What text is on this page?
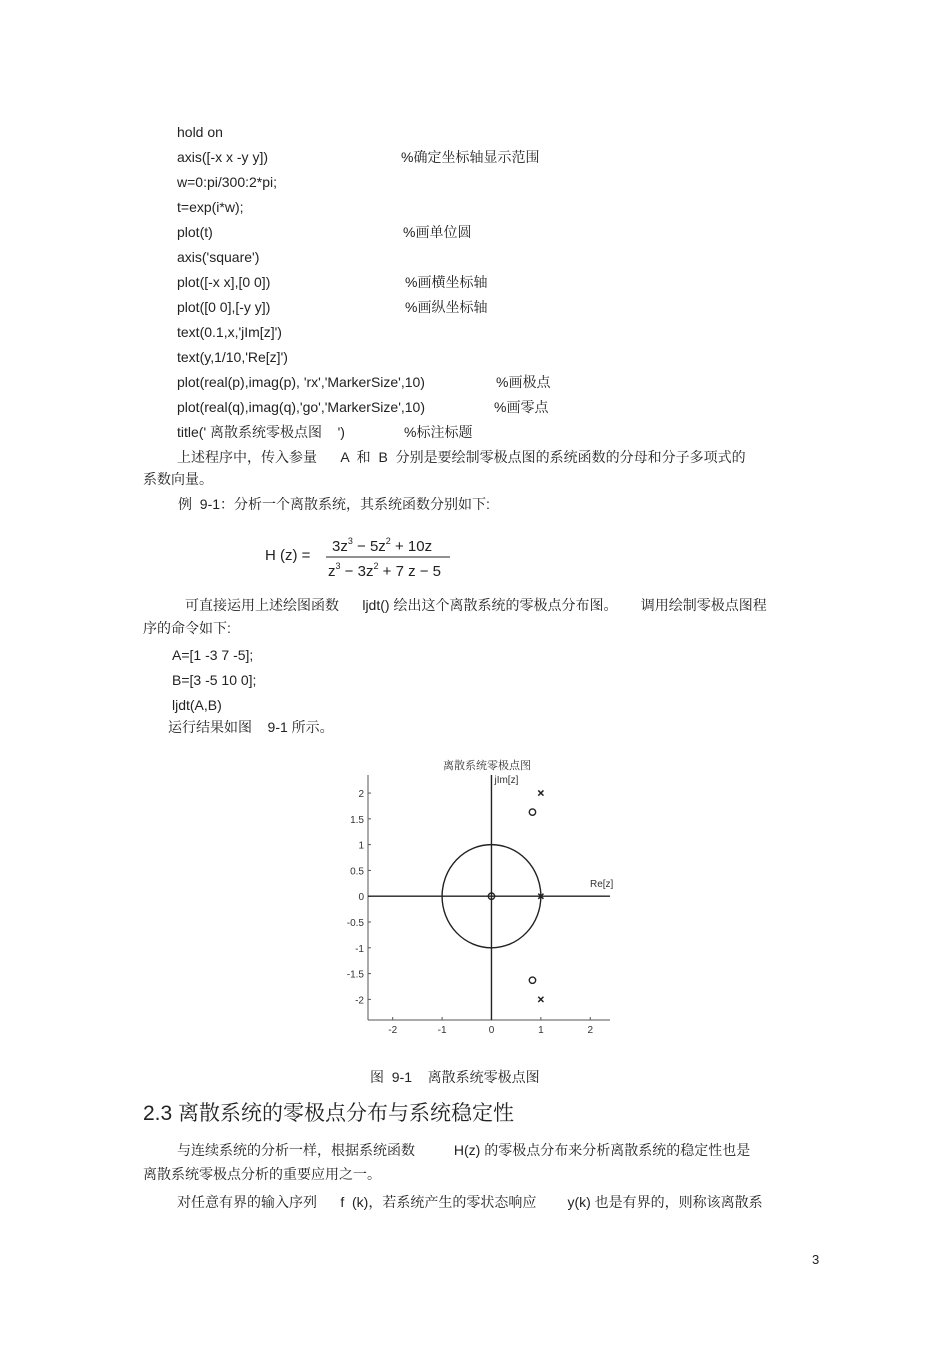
hold on
axis([-x x -y y])	%确定坐标轴显示范围
w=0:pi/300:2*pi;
t=exp(i*w);
plot(t)	%画单位圆
axis('square')
plot([-x x],[0 0])	%画横坐标轴
plot([0 0],[-y y])	%画纵坐标轴
text(0.1,x,'jIm[z]')
text(y,1/10,'Re[z]')
plot(real(p),imag(p), 'rx','MarkerSize',10)	%画极点
plot(real(q),imag(q),'go','MarkerSize',10)	%画零点
title(' 离散系统零极点图    ')	%标注标题
上述程序中，传入参量      A  和  B  分别是要绘制零极点图的系统函数的分母和分子多项式的
系数向量。
例  9-1：分析一个离散系统，其系统函数分别如下:
H (z) =
$3z^3 - 5z^2 + 10z$
$z^3 - 3z^2 + 7$ z − 5
可直接运用上述绘图函数      ljdt() 绘出这个离散系统的零极点分布图。      调用绘制零极点图程
序的命令如下:
A=[1 -3 7 -5];
B=[3 -5 10 0];
ljdt(A,B)
运行结果如图    9-1 所示。
离散系统零极点图
2
1.5
1
0.5
0
-0.5
-1
-1.5
-2
-2	-1	0	1	2
jIm[z]
Re[z]
图  9-1    离散系统零极点图
2.3 离散系统的零极点分布与系统稳定性
与连续系统的分析一样，根据系统函数          H(z) 的零极点分布来分析离散系统的稳定性也是
离散系统零极点分析的重要应用之一。
对任意有界的输入序列      f  (k)，若系统产生的零状态响应        y(k) 也是有界的，则称该离散系
3
